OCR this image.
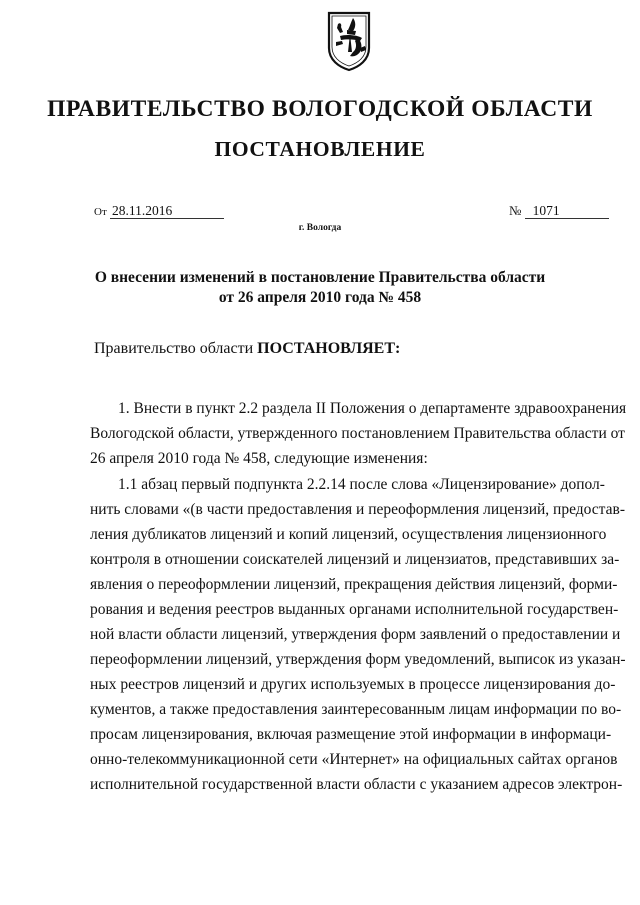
ПРАВИТЕЛЬСТВО ВОЛОГОДСКОЙ ОБЛАСТИ
ПОСТАНОВЛЕНИЕ
От 28.11.2016	№ 1071
г. Вологда
О внесении изменений в постановление Правительства области
от 26 апреля 2010 года № 458
Правительство области ПОСТАНОВЛЯЕТ:
1. Внести в пункт 2.2 раздела II Положения о департаменте здравоохранения
Вологодской области, утвержденного постановлением Правительства области от
26 апреля 2010 года № 458, следующие изменения:
1.1 абзац первый подпункта 2.2.14 после слова «Лицензирование» допол-
нить словами «(в части предоставления и переоформления лицензий, предостав-
ления дубликатов лицензий и копий лицензий, осуществления лицензионного
контроля в отношении соискателей лицензий и лицензиатов, представивших за-
явления о переоформлении лицензий, прекращения действия лицензий, форми-
рования и ведения реестров выданных органами исполнительной государствен-
ной власти области лицензий, утверждения форм заявлений о предоставлении и
переоформлении лицензий, утверждения форм уведомлений, выписок из указан-
ных реестров лицензий и других используемых в процессе лицензирования до-
кументов, а также предоставления заинтересованным лицам информации по во-
просам лицензирования, включая размещение этой информации в информаци-
онно-телекоммуникационной сети «Интернет» на официальных сайтах органов
исполнительной государственной власти области с указанием адресов электрон-
